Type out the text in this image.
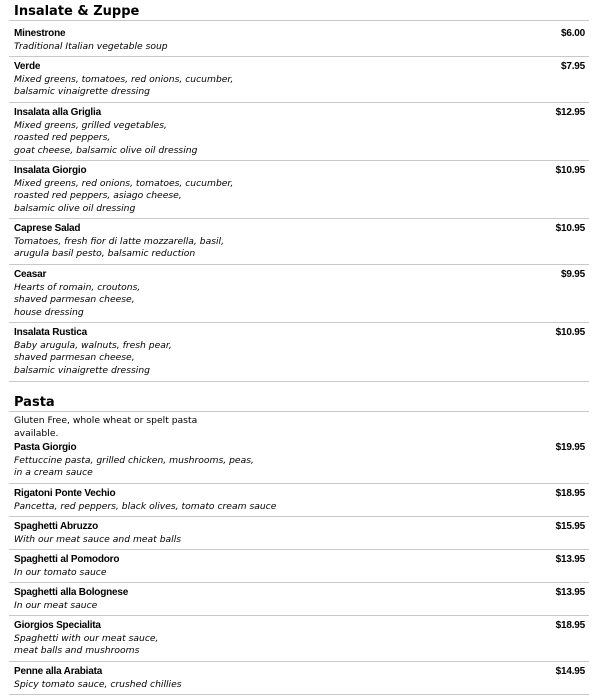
Insalate & Zuppe
Minestrone	$6.00
Traditional Italian vegetable soup
Verde	$7.95
Mixed greens, tomatoes, red onions, cucumber,
balsamic vinaigrette dressing
Insalata alla Griglia	$12.95
Mixed greens, grilled vegetables,
roasted red peppers,
goat cheese, balsamic olive oil dressing
Insalata Giorgio	$10.95
Mixed greens, red onions, tomatoes, cucumber,
roasted red peppers, asiago cheese,
balsamic olive oil dressing
Caprese Salad	$10.95
Tomatoes, fresh fior di latte mozzarella, basil,
arugula basil pesto, balsamic reduction
Ceasar	$9.95
Hearts of romain, croutons,
shaved parmesan cheese,
house dressing
Insalata Rustica	$10.95
Baby arugula, walnuts, fresh pear,
shaved parmesan cheese,
balsamic vinaigrette dressing
Pasta
Gluten Free, whole wheat or spelt pasta
available.
Pasta Giorgio	$19.95
Fettuccine pasta, grilled chicken, mushrooms, peas,
in a cream sauce
Rigatoni Ponte Vechio	$18.95
Pancetta, red peppers, black olives, tomato cream sauce
Spaghetti Abruzzo	$15.95
With our meat sauce and meat balls
Spaghetti al Pomodoro	$13.95
In our tomato sauce
Spaghetti alla Bolognese	$13.95
In our meat sauce
Giorgios Specialita	$18.95
Spaghetti with our meat sauce,
meat balls and mushrooms
Penne alla Arabiata	$14.95
Spicy tomato sauce, crushed chillies
